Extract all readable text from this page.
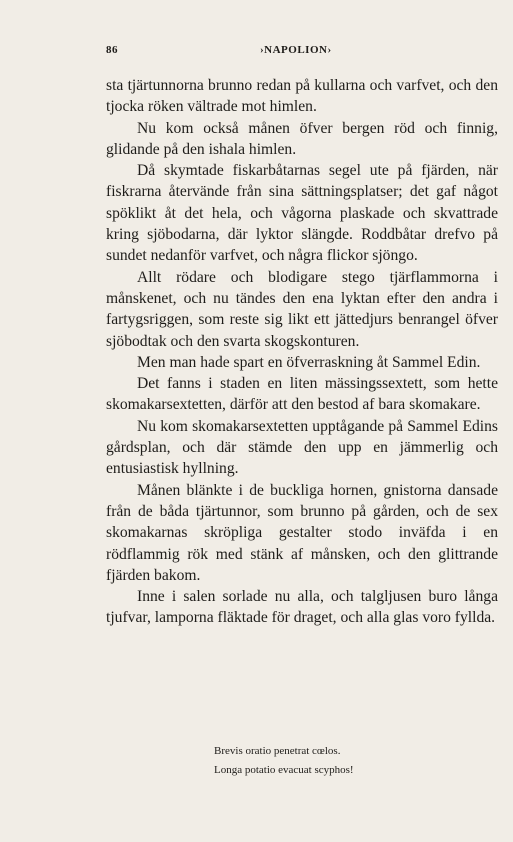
86	›NAPOLION›

sta tjärtunnorna brunno redan på kullarna och varfvet, och den tjocka röken vältrade mot himlen.

Nu kom också månen öfver bergen röd och finnig, glidande på den ishala himlen.

Då skymtade fiskarbåtarnas segel ute på fjärden, när fiskrarna återvände från sina sättningsplatser; det gaf något spöklikt åt det hela, och vågorna plaskade och skvattrade kring sjöbodarna, där lyktor slängde. Roddbåtar drefvo på sundet nedanför varfvet, och några flickor sjöngo.

Allt rödare och blodigare stego tjärflammorna i månskenet, och nu tändes den ena lyktan efter den andra i fartygsriggen, som reste sig likt ett jättedjurs benrangel öfver sjöbodtak och den svarta skogskonturen.

Men man hade spart en öfverraskning åt Sammel Edin.

Det fanns i staden en liten mässingssextett, som hette skomakarsextetten, därför att den bestod af bara skomakare.

Nu kom skomakarsextetten upptågande på Sammel Edins gårdsplan, och där stämde den upp en jämmerlig och entusiastisk hyllning.

Månen blänkte i de buckliga hornen, gnistorna dansade från de båda tjärtunnor, som brunno på gården, och de sex skomakarnas skröpliga gestalter stodo inväfda i en rödflammig rök med stänk af månsken, och den glittrande fjärden bakom.

Inne i salen sorlade nu alla, och talgljusen buro långa tjufvar, lamporna fläktade för draget, och alla glas voro fyllda.

Brevis oratio penetrat cœlos.
Longa potatio evacuat scyphos!
